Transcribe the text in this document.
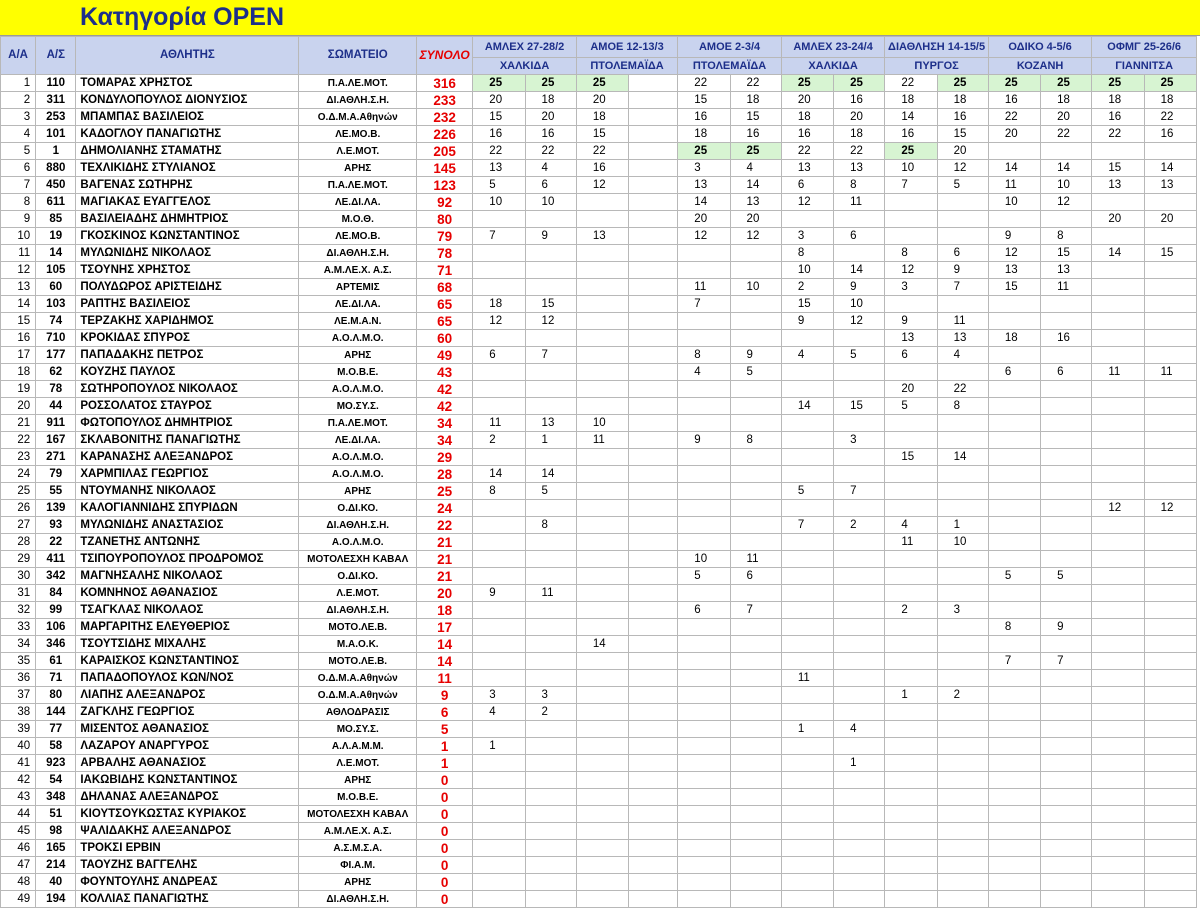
Κατηγορία OPEN
Α/Α	Α/Σ	ΑΘΛΗΤΗΣ	ΣΩΜΑΤΕΙΟ	ΣΥΝΟΛΟ	ΑΜΛΕΧ 27-28/2		ΑΜΟΕ 12-13/3		ΑΜΟΕ 2-3/4		ΑΜΛΕΧ 23-24/4		ΔΙΑΘΛΗΣΗ 14-15/5		ΟΔΙΚΟ 4-5/6		ΟΦΜΓ 25-26/6	
					ΧΑΛΚΙΔΑ		ΠΤΟΛΕΜΑΪΔΑ		ΠΤΟΛΕΜΑΪΔΑ		ΧΑΛΚΙΔΑ		ΠΥΡΓΟΣ		ΚΟΖΑΝΗ		ΓΙΑΝΝΙΤΣΑ	
1	110	ΤΟΜΑΡΑΣ ΧΡΗΣΤΟΣ	Π.Α.ΛΕ.ΜΟΤ.	316	25	25	25		22	22	25	25	22	25	25	25	25	25
2	311	ΚΟΝΔΥΛΟΠΟΥΛΟΣ ΔΙΟΝΥΣΙΟΣ	ΔΙ.ΑΘΛΗ.Σ.Η.	233	20	18	20		15	18	20	16	18	18	16	18	18	18
3	253	ΜΠΑΜΠΑΣ ΒΑΣΙΛΕΙΟΣ	Ο.Δ.Μ.Α.Αθηνών	232	15	20	18		16	15	18	20	14	16	22	20	16	22
4	101	ΚΑΔΟΓΛΟΥ ΠΑΝΑΓΙΩΤΗΣ	ΛΕ.ΜΟ.Β.	226	16	16	15		18	16	16	18	16	15	20	22	22	16
5	1	ΔΗΜΟΛΙΑΝΗΣ ΣΤΑΜΑΤΗΣ	Λ.Ε.ΜΟΤ.	205	22	22	22		25	25	22	22	25	20				
6	880	ΤΕΧΛΙΚΙΔΗΣ ΣΤΥΛΙΑΝΟΣ	ΑΡΗΣ	145	13	4	16		3	4	13	13	10	12	14	14	15	14
7	450	ΒΑΓΕΝΑΣ ΣΩΤΗΡΗΣ	Π.Α.ΛΕ.ΜΟΤ.	123	5	6	12		13	14	6	8	7	5	11	10	13	13
8	611	ΜΑΓΙΑΚΑΣ ΕΥΑΓΓΕΛΟΣ	ΛΕ.ΔΙ.ΛΑ.	92	10	10			14	13	12	11			10	12		
9	85	ΒΑΣΙΛΕΙΑΔΗΣ ΔΗΜΗΤΡΙΟΣ	Μ.Ο.Θ.	80					20	20							20	20
10	19	ΓΚΟΣΚΙΝΟΣ ΚΩΝΣΤΑΝΤΙΝΟΣ	ΛΕ.ΜΟ.Β.	79	7	9	13		12	12	3	6			9	8		
11	14	ΜΥΛΩΝΙΔΗΣ ΝΙΚΟΛΑΟΣ	ΔΙ.ΑΘΛΗ.Σ.Η.	78							8		8	6	12	15	14	15
12	105	ΤΣΟΥΝΗΣ ΧΡΗΣΤΟΣ	Α.Μ.ΛΕ.Χ. Α.Σ.	71							10	14	12	9	13	13		
13	60	ΠΟΛΥΔΩΡΟΣ ΑΡΙΣΤΕΙΔΗΣ	ΑΡΤΕΜΙΣ	68					11	10	2	9	3	7	15	11		
14	103	ΡΑΠΤΗΣ ΒΑΣΙΛΕΙΟΣ	ΛΕ.ΔΙ.ΛΑ.	65	18	15			7		15	10						
15	74	ΤΕΡΖΑΚΗΣ ΧΑΡΙΔΗΜΟΣ	ΛΕ.Μ.Α.Ν.	65	12	12					9	12	9	11				
16	710	ΚΡΟΚΙΔΑΣ ΣΠΥΡΟΣ	Α.Ο.Λ.Μ.Ο.	60									13	13	18	16		
17	177	ΠΑΠΑΔΑΚΗΣ ΠΕΤΡΟΣ	ΑΡΗΣ	49	6	7			8	9	4	5	6	4				
18	62	ΚΟΥΖΗΣ ΠΑΥΛΟΣ	Μ.Ο.Β.Ε.	43					4	5					6	6	11	11
19	78	ΣΩΤΗΡΟΠΟΥΛΟΣ ΝΙΚΟΛΑΟΣ	Α.Ο.Λ.Μ.Ο.	42									20	22				
20	44	ΡΟΣΣΟΛΑΤΟΣ ΣΤΑΥΡΟΣ	ΜΟ.ΣΥ.Σ.	42							14	15	5	8				
21	911	ΦΩΤΟΠΟΥΛΟΣ ΔΗΜΗΤΡΙΟΣ	Π.Α.ΛΕ.ΜΟΤ.	34	11	13	10											
22	167	ΣΚΛΑΒΟΝΙΤΗΣ ΠΑΝΑΓΙΩΤΗΣ	ΛΕ.ΔΙ.ΛΑ.	34	2	1	11		9	8		3						
23	271	ΚΑΡΑΝΑΣΗΣ ΑΛΕΞΑΝΔΡΟΣ	Α.Ο.Λ.Μ.Ο.	29									15	14				
24	79	ΧΑΡΜΠΙΛΑΣ ΓΕΩΡΓΙΟΣ	Α.Ο.Λ.Μ.Ο.	28	14	14												
25	55	ΝΤΟΥΜΑΝΗΣ ΝΙΚΟΛΑΟΣ	ΑΡΗΣ	25	8	5					5	7						
26	139	ΚΑΛΟΓΙΑΝΝΙΔΗΣ ΣΠΥΡΙΔΩΝ	Ο.ΔΙ.ΚΟ.	24													12	12
27	93	ΜΥΛΩΝΙΔΗΣ ΑΝΑΣΤΑΣΙΟΣ	ΔΙ.ΑΘΛΗ.Σ.Η.	22		8					7	2	4	1				
28	22	ΤΖΑΝΕΤΗΣ ΑΝΤΩΝΗΣ	Α.Ο.Λ.Μ.Ο.	21									11	10				
29	411	ΤΣΙΠΟΥΡΟΠΟΥΛΟΣ ΠΡΟΔΡΟΜΟΣ	ΜΟΤΟΛΕΣΧΗ ΚΑΒΑΛ	21					10	11								
30	342	ΜΑΓΝΗΣΑΛΗΣ ΝΙΚΟΛΑΟΣ	Ο.ΔΙ.ΚΟ.	21					5	6					5	5		
31	84	ΚΟΜΝΗΝΟΣ ΑΘΑΝΑΣΙΟΣ	Λ.Ε.ΜΟΤ.	20	9	11												
32	99	ΤΣΑΓΚΛΑΣ ΝΙΚΟΛΑΟΣ	ΔΙ.ΑΘΛΗ.Σ.Η.	18					6	7			2	3				
33	106	ΜΑΡΓΑΡΙΤΗΣ ΕΛΕΥΘΕΡΙΟΣ	ΜΟΤΟ.ΛΕ.Β.	17											8	9		
34	346	ΤΣΟΥΤΣΙΔΗΣ ΜΙΧΑΛΗΣ	Μ.Α.Ο.Κ.	14			14											
35	61	ΚΑΡΑΙΣΚΟΣ ΚΩΝΣΤΑΝΤΙΝΟΣ	ΜΟΤΟ.ΛΕ.Β.	14											7	7		
36	71	ΠΑΠΑΔΟΠΟΥΛΟΣ ΚΩΝ/ΝΟΣ	Ο.Δ.Μ.Α.Αθηνών	11							11							
37	80	ΛΙΑΠΗΣ ΑΛΕΞΑΝΔΡΟΣ	Ο.Δ.Μ.Α.Αθηνών	9	3	3							1	2				
38	144	ΖΑΓΚΛΗΣ ΓΕΩΡΓΙΟΣ	ΑΘΛΟΔΡΑΣΙΣ	6	4	2												
39	77	ΜΙΣΕΝΤΟΣ ΑΘΑΝΑΣΙΟΣ	ΜΟ.ΣΥ.Σ.	5							1	4						
40	58	ΛΑΖΑΡΟΥ ΑΝΑΡΓΥΡΟΣ	Α.Λ.Α.Μ.Μ.	1	1													
41	923	ΑΡΒΑΛΗΣ ΑΘΑΝΑΣΙΟΣ	Λ.Ε.ΜΟΤ.	1								1						
42	54	ΙΑΚΩΒΙΔΗΣ ΚΩΝΣΤΑΝΤΙΝΟΣ	ΑΡΗΣ	0														
43	348	ΔΗΛΑΝΑΣ ΑΛΕΞΑΝΔΡΟΣ	Μ.Ο.Β.Ε.	0														
44	51	ΚΙΟΥΤΣΟΥΚΩΣΤΑΣ ΚΥΡΙΑΚΟΣ	ΜΟΤΟΛΕΣΧΗ ΚΑΒΑΛ	0														
45	98	ΨΑΛΙΔΑΚΗΣ ΑΛΕΞΑΝΔΡΟΣ	Α.Μ.ΛΕ.Χ. Α.Σ.	0														
46	165	ΤΡΟΚΣΙ ΕΡΒΙΝ	Α.Σ.Μ.Σ.Α.	0														
47	214	ΤΑΟΥΖΗΣ ΒΑΓΓΕΛΗΣ	ΦΙ.Α.Μ.	0														
48	40	ΦΟΥΝΤΟΥΛΗΣ ΑΝΔΡΕΑΣ	ΑΡΗΣ	0														
49	194	ΚΟΛΛΙΑΣ ΠΑΝΑΓΙΩΤΗΣ	ΔΙ.ΑΘΛΗ.Σ.Η.	0														
